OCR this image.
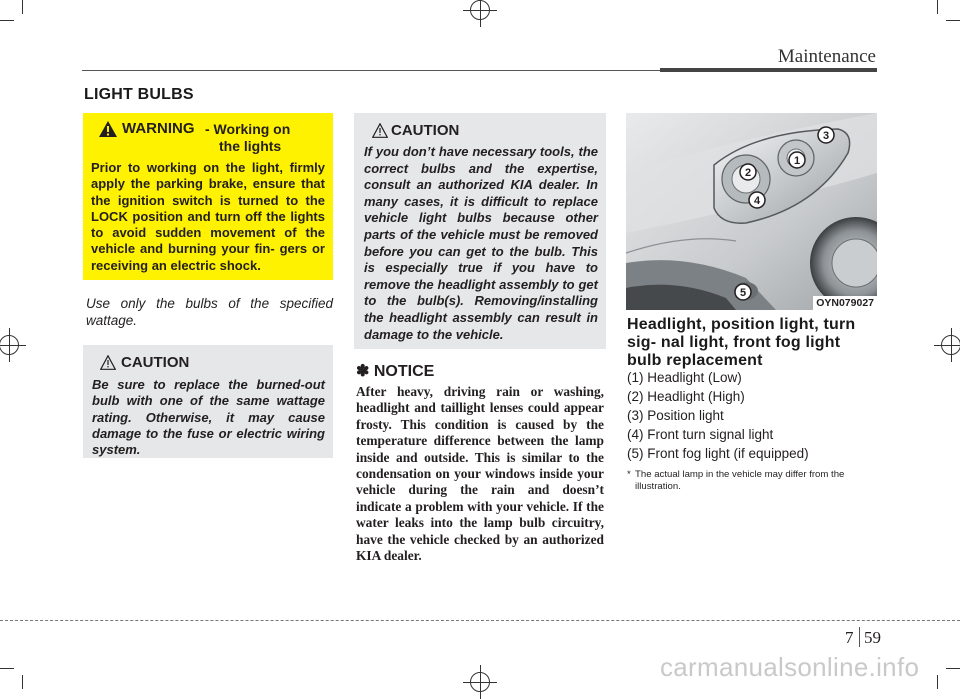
Maintenance
LIGHT BULBS
WARNING - Working on
the lights
Prior to working on the light, firmly apply the parking brake, ensure that the ignition switch is turned to the LOCK position and turn off the lights to avoid sudden movement of the vehicle and burning your fin- gers or receiving an electric shock.
Use only the bulbs of the specified wattage.
CAUTION
Be sure to replace the burned-out bulb with one of the same wattage rating. Otherwise, it may cause damage to the fuse or electric wiring system.
CAUTION
If you don’t have necessary tools, the correct bulbs and the expertise, consult an authorized KIA dealer. In many cases, it is difficult to replace vehicle light bulbs because other parts of the vehicle must be removed before you can get to the bulb. This is especially true if you have to remove the headlight assembly to get to the bulb(s). Removing/installing the headlight assembly can result in damage to the vehicle.
✽ NOTICE
After heavy, driving rain or washing, headlight and taillight lenses could appear frosty. This condition is caused by the temperature difference between the lamp inside and outside. This is similar to the condensation on your windows inside your vehicle during the rain and doesn’t indicate a problem with your vehicle. If the water leaks into the lamp bulb circuitry, have the vehicle checked by an authorized KIA dealer.
3
1
2
4
5
OYN079027
Headlight, position light, turn sig- nal light, front fog light bulb replacement
(1) Headlight (Low)
(2) Headlight (High)
(3) Position light
(4) Front turn signal light
(5) Front fog light (if equipped)
* The actual lamp in the vehicle may differ from the illustration.
7 59
carmanualsonline.info
